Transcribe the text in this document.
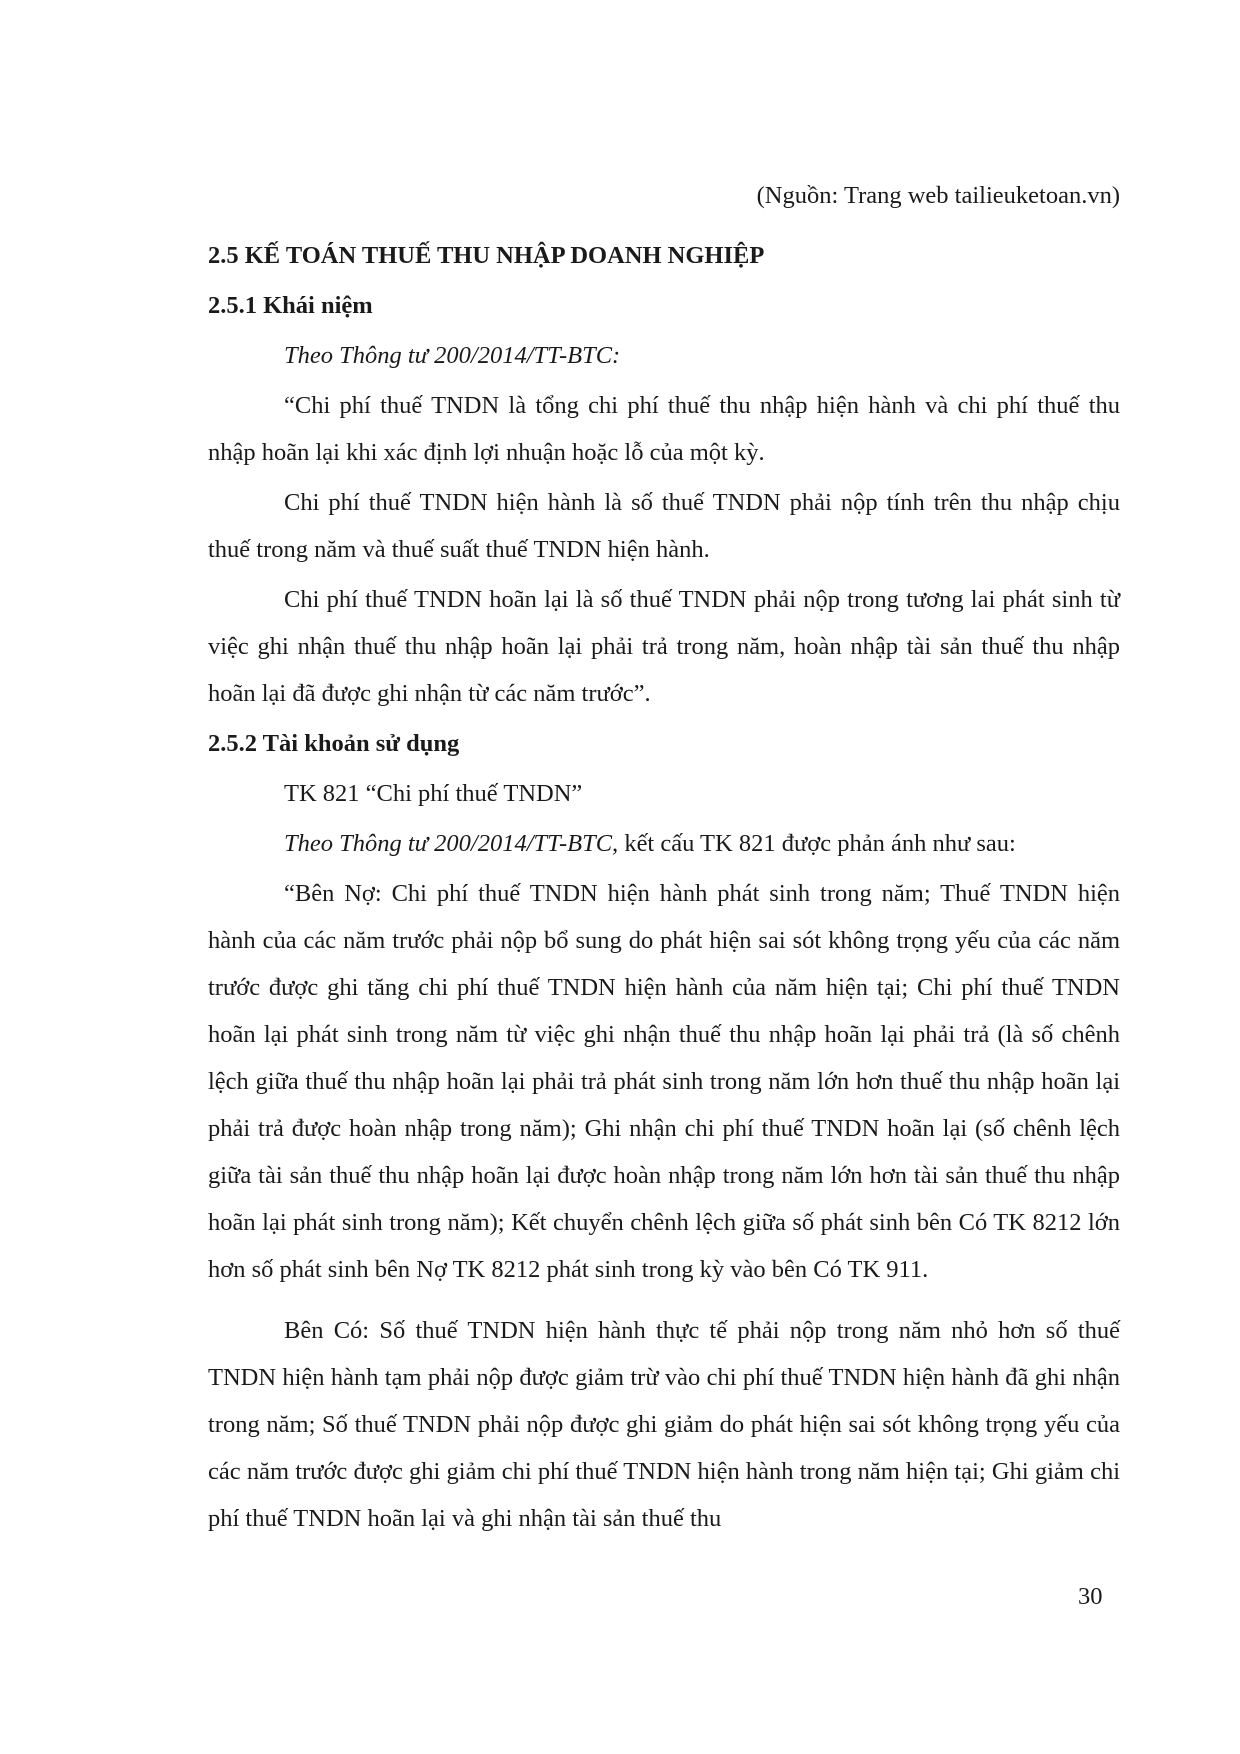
(Nguồn: Trang web tailieuketoan.vn)

2.5 KẾ TOÁN THUẾ THU NHẬP DOANH NGHIỆP
2.5.1 Khái niệm

Theo Thông tư 200/2014/TT-BTC:

“Chi phí thuế TNDN là tổng chi phí thuế thu nhập hiện hành và chi phí thuế thu nhập hoãn lại khi xác định lợi nhuận hoặc lỗ của một kỳ.

Chi phí thuế TNDN hiện hành là số thuế TNDN phải nộp tính trên thu nhập chịu thuế trong năm và thuế suất thuế TNDN hiện hành.

Chi phí thuế TNDN hoãn lại là số thuế TNDN phải nộp trong tương lai phát sinh từ việc ghi nhận thuế thu nhập hoãn lại phải trả trong năm, hoàn nhập tài sản thuế thu nhập hoãn lại đã được ghi nhận từ các năm trước”.

2.5.2 Tài khoản sử dụng

TK 821 “Chi phí thuế TNDN”

Theo Thông tư 200/2014/TT-BTC, kết cấu TK 821 được phản ánh như sau:

“Bên Nợ: Chi phí thuế TNDN hiện hành phát sinh trong năm; Thuế TNDN hiện hành của các năm trước phải nộp bổ sung do phát hiện sai sót không trọng yếu của các năm trước được ghi tăng chi phí thuế TNDN hiện hành của năm hiện tại; Chi phí thuế TNDN hoãn lại phát sinh trong năm từ việc ghi nhận thuế thu nhập hoãn lại phải trả (là số chênh lệch giữa thuế thu nhập hoãn lại phải trả phát sinh trong năm lớn hơn thuế thu nhập hoãn lại phải trả được hoàn nhập trong năm); Ghi nhận chi phí thuế TNDN hoãn lại (số chênh lệch giữa tài sản thuế thu nhập hoãn lại được hoàn nhập trong năm lớn hơn tài sản thuế thu nhập hoãn lại phát sinh trong năm); Kết chuyển chênh lệch giữa số phát sinh bên Có TK 8212 lớn hơn số phát sinh bên Nợ TK 8212 phát sinh trong kỳ vào bên Có TK 911.

Bên Có: Số thuế TNDN hiện hành thực tế phải nộp trong năm nhỏ hơn số thuế TNDN hiện hành tạm phải nộp được giảm trừ vào chi phí thuế TNDN hiện hành đã ghi nhận trong năm; Số thuế TNDN phải nộp được ghi giảm do phát hiện sai sót không trọng yếu của các năm trước được ghi giảm chi phí thuế TNDN hiện hành trong năm hiện tại; Ghi giảm chi phí thuế TNDN hoãn lại và ghi nhận tài sản thuế thu

30
